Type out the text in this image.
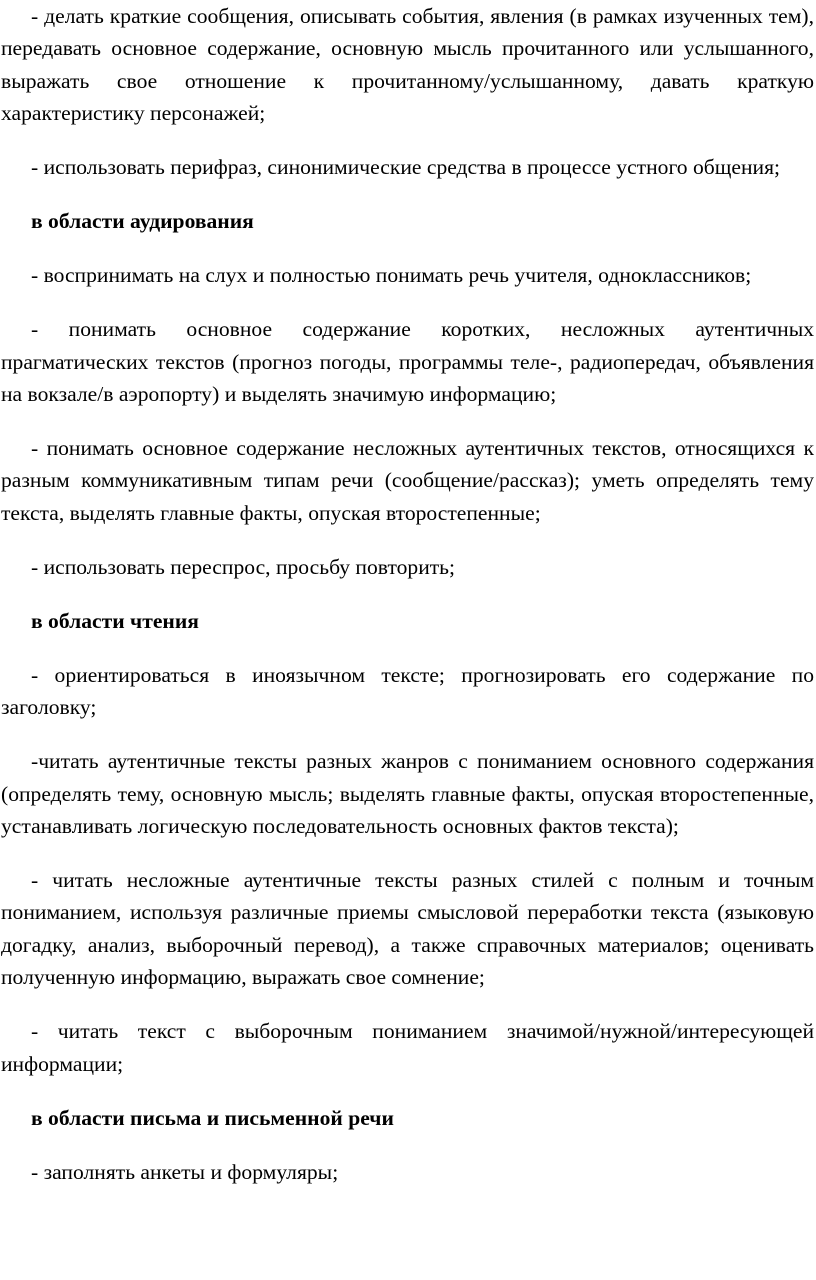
- делать краткие сообщения, описывать события, явления (в рамках изученных тем), передавать основное содержание, основную мысль прочитанного или услышанного, выражать свое отношение к прочитанному/услышанному, давать краткую характеристику персонажей;

- использовать перифраз, синонимические средства в процессе устного общения;

в области аудирования

- воспринимать на слух и полностью понимать речь учителя, одноклассников;

- понимать основное содержание коротких, несложных аутентичных прагматических текстов (прогноз погоды, программы теле-, радиопередач, объявления на вокзале/в аэропорту) и выделять значимую информацию;

- понимать основное содержание несложных аутентичных текстов, относящихся к разным коммуникативным типам речи (сообщение/рассказ); уметь определять тему текста, выделять главные факты, опуская второстепенные;

- использовать переспрос, просьбу повторить;

в области чтения

- ориентироваться в иноязычном тексте; прогнозировать его содержание по заголовку;

-читать аутентичные тексты разных жанров с пониманием основного содержания (определять тему, основную мысль; выделять главные факты, опуская второстепенные, устанавливать логическую последовательность основных фактов текста);

- читать несложные аутентичные тексты разных стилей с полным и точным пониманием, используя различные приемы смысловой переработки текста (языковую догадку, анализ, выборочный перевод), а также справочных материалов; оценивать полученную информацию, выражать свое сомнение;

- читать текст с выборочным пониманием значимой/нужной/интересующей информации;

в области письма и письменной речи

- заполнять анкеты и формуляры;
